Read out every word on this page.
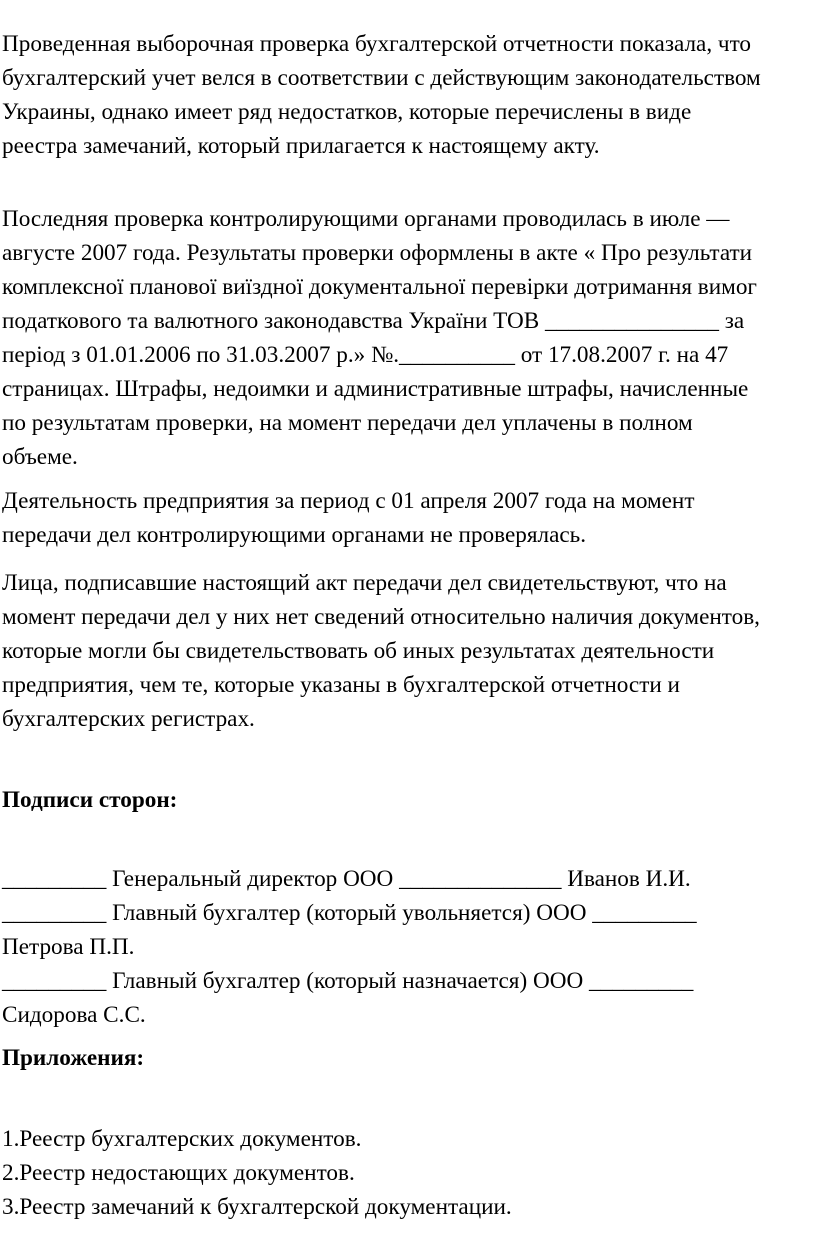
Проведенная выборочная проверка бухгалтерской отчетности показала, что
бухгалтерский учет велся в соответствии с действующим законодательством
Украины, однако имеет ряд недостатков, которые перечислены в виде
реестра замечаний, который прилагается к настоящему акту.
Последняя проверка контролирующими органами проводилась в июле —
августе 2007 года. Результаты проверки оформлены в акте « Про результати
комплексної планової виїздної документальної перевірки дотримання вимог
податкового та валютного законодавства України ТОВ _______________ за
період з 01.01.2006 по 31.03.2007 р.» №.__________ от 17.08.2007 г. на 47
страницах. Штрафы, недоимки и административные штрафы, начисленные
по результатам проверки, на момент передачи дел уплачены в полном
объеме.
Деятельность предприятия за период с 01 апреля 2007 года на момент
передачи дел контролирующими органами не проверялась.
Лица, подписавшие настоящий акт передачи дел свидетельствуют, что на
момент передачи дел у них нет сведений относительно наличия документов,
которые могли бы свидетельствовать об иных результатах деятельности
предприятия, чем те, которые указаны в бухгалтерской отчетности и
бухгалтерских регистрах.
Подписи сторон:
_________ Генеральный директор ООО ______________ Иванов И.И.
_________ Главный бухгалтер (который увольняется) ООО _________
Петрова П.П.
_________ Главный бухгалтер (который назначается) ООО _________
Сидорова С.С.
Приложения:
1.Реестр бухгалтерских документов.
2.Реестр недостающих документов.
3.Реестр замечаний к бухгалтерской документации.
